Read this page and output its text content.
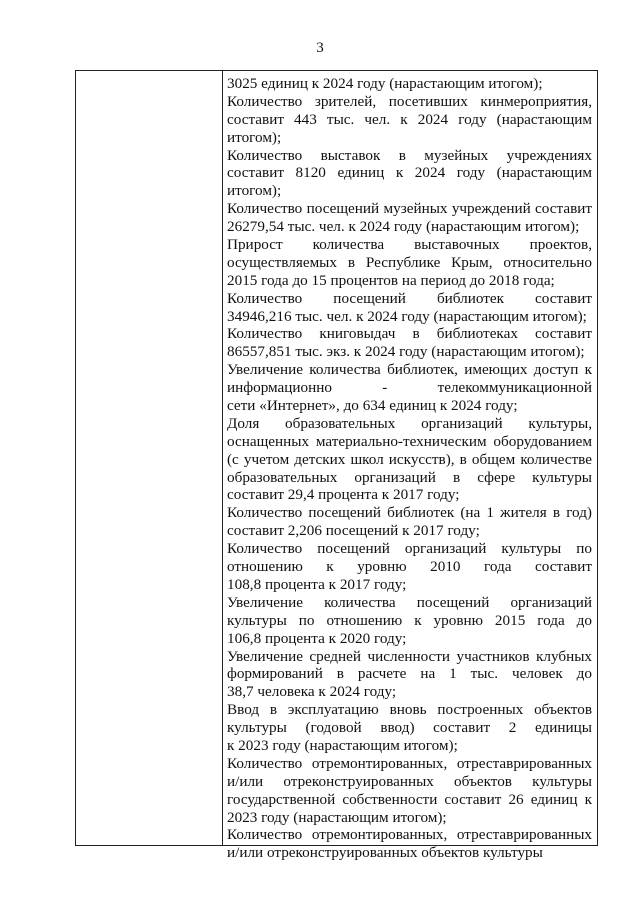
3
3025 единиц к 2024 году (нарастающим итогом);
Количество зрителей, посетивших кинмероприятия,
составит 443 тыс. чел. к 2024 году (нарастающим
итогом);
Количество выставок в музейных учреждениях
составит 8120 единиц к 2024 году (нарастающим
итогом);
Количество посещений музейных учреждений составит
26279,54 тыс. чел. к 2024 году (нарастающим итогом);
Прирост количества выставочных проектов,
осуществляемых в Республике Крым, относительно
2015 года до 15 процентов на период до 2018 года;
Количество посещений библиотек составит
34946,216 тыс. чел. к 2024 году (нарастающим итогом);
Количество книговыдач в библиотеках составит
86557,851 тыс. экз. к 2024 году (нарастающим итогом);
Увеличение количества библиотек, имеющих доступ к
информационно - телекоммуникационной
сети «Интернет», до 634 единиц к 2024 году;
Доля образовательных организаций культуры,
оснащенных материально-техническим оборудованием
(с учетом детских школ искусств), в общем количестве
образовательных организаций в сфере культуры
составит 29,4 процента к 2017 году;
Количество посещений библиотек (на 1 жителя в год)
составит 2,206 посещений к 2017 году;
Количество посещений организаций культуры по
отношению к уровню 2010 года составит
108,8 процента к 2017 году;
Увеличение количества посещений организаций
культуры по отношению к уровню 2015 года до
106,8 процента к 2020 году;
Увеличение средней численности участников клубных
формирований в расчете на 1 тыс. человек до
38,7 человека к 2024 году;
Ввод в эксплуатацию вновь построенных объектов
культуры (годовой ввод) составит 2 единицы
к 2023 году (нарастающим итогом);
Количество отремонтированных, отреставрированных
и/или отреконструированных объектов культуры
государственной собственности составит 26 единиц к
2023 году (нарастающим итогом);
Количество отремонтированных, отреставрированных
и/или отреконструированных объектов культуры
